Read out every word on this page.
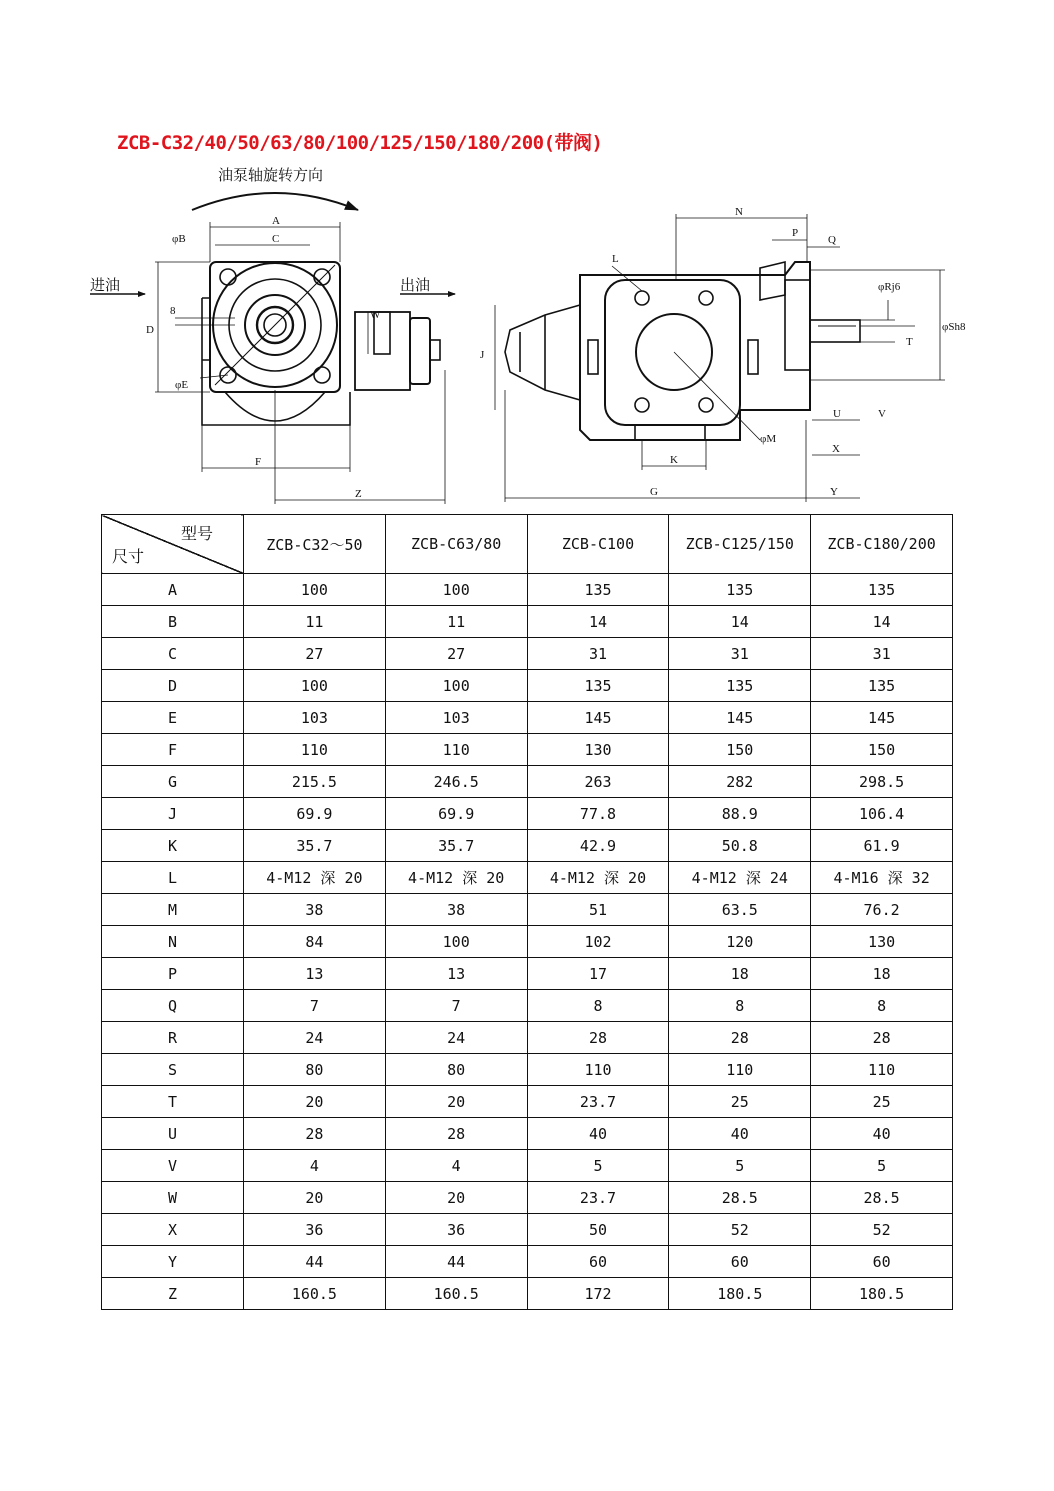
ZCB-C32/40/50/63/80/100/125/150/180/200(带阀)
油泵轴旋转方向
进油	出油
A
C
φB
D
8
φE
F
Z
W
N
P
Q
L
J
K
φM
G	Y
X
U	V
φSh8
φRj6
T
型号
尺寸	ZCB-C32～50	ZCB-C63/80	ZCB-C100	ZCB-C125/150	ZCB-C180/200
A	100	100	135	135	135
B	11	11	14	14	14
C	27	27	31	31	31
D	100	100	135	135	135
E	103	103	145	145	145
F	110	110	130	150	150
G	215.5	246.5	263	282	298.5
J	69.9	69.9	77.8	88.9	106.4
K	35.7	35.7	42.9	50.8	61.9
L	4-M12 深 20	4-M12 深 20	4-M12 深 20	4-M12 深 24	4-M16 深 32
M	38	38	51	63.5	76.2
N	84	100	102	120	130
P	13	13	17	18	18
Q	7	7	8	8	8
R	24	24	28	28	28
S	80	80	110	110	110
T	20	20	23.7	25	25
U	28	28	40	40	40
V	4	4	5	5	5
W	20	20	23.7	28.5	28.5
X	36	36	50	52	52
Y	44	44	60	60	60
Z	160.5	160.5	172	180.5	180.5
